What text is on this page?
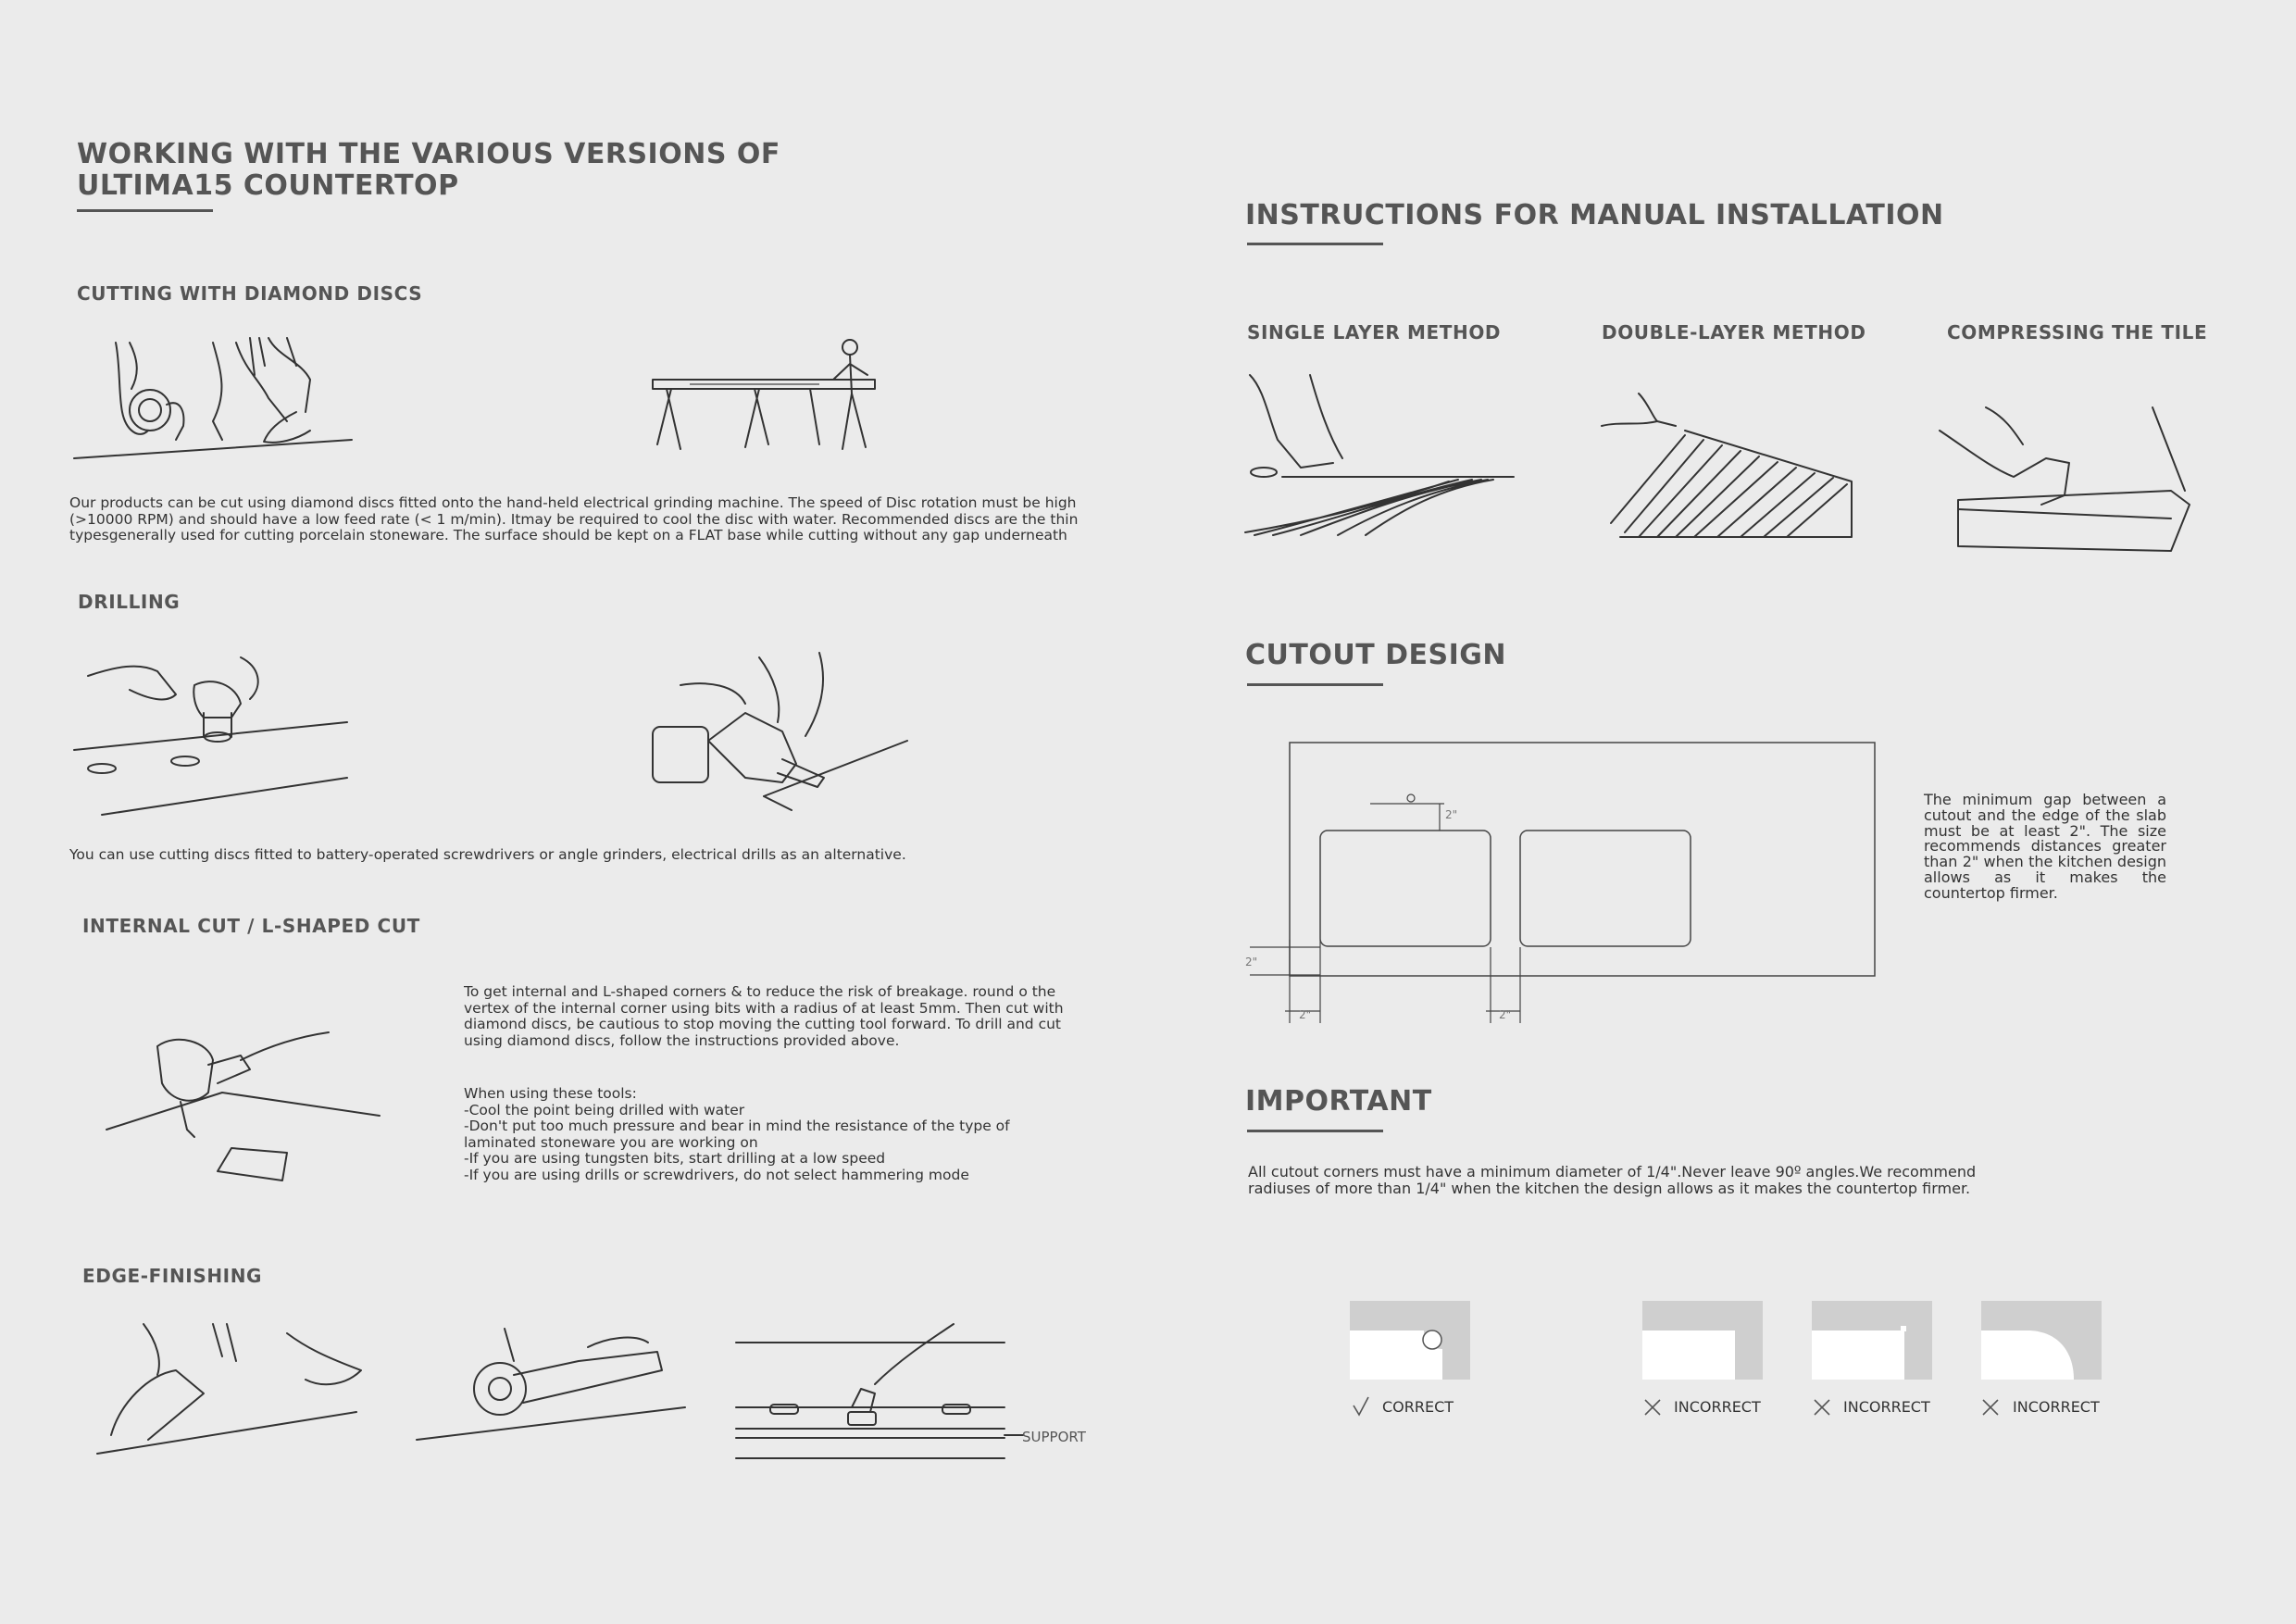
WORKING WITH THE VARIOUS VERSIONS OF
ULTIMA15 COUNTERTOP
CUTTING WITH DIAMOND DISCS
Our products can be cut using diamond discs fitted onto the hand-held electrical grinding machine. The speed of Disc rotation must be high
(>10000 RPM) and should have a low feed rate (< 1 m/min). Itmay be required to cool the disc with water. Recommended discs are the thin
typesgenerally used for cutting porcelain stoneware. The surface should be kept on a FLAT base while cutting without any gap underneath
DRILLING
You can use cutting discs fitted to battery-operated screwdrivers or angle grinders, electrical drills as an alternative.
INTERNAL CUT / L-SHAPED CUT
To get internal and L-shaped corners & to reduce the risk of breakage. round o the
vertex of the internal corner using bits with a radius of at least 5mm. Then cut with
diamond discs, be cautious to stop moving the cutting tool forward. To drill and cut
using diamond discs, follow the instructions provided above.
When using these tools:
-Cool the point being drilled with water
-Don't put too much pressure and bear in mind the resistance of the type of
laminated stoneware you are working on
-If you are using tungsten bits, start drilling at a low speed
-If you are using drills or screwdrivers, do not select hammering mode
EDGE-FINISHING
SUPPORT
INSTRUCTIONS FOR MANUAL INSTALLATION
SINGLE LAYER METHOD	DOUBLE-LAYER METHOD	COMPRESSING THE TILE
CUTOUT DESIGN
2"
2"
2"	2"
The minimum gap between a cutout and the edge of the slab must be at least 2". The size recommends distances greater than 2" when the kitchen design allows as it makes the countertop firmer.
IMPORTANT
All cutout corners must have a minimum diameter of 1/4".Never leave 90º angles.We recommend
radiuses of more than 1/4" when the kitchen the design allows as it makes the countertop firmer.
CORRECT	INCORRECT	INCORRECT	INCORRECT
